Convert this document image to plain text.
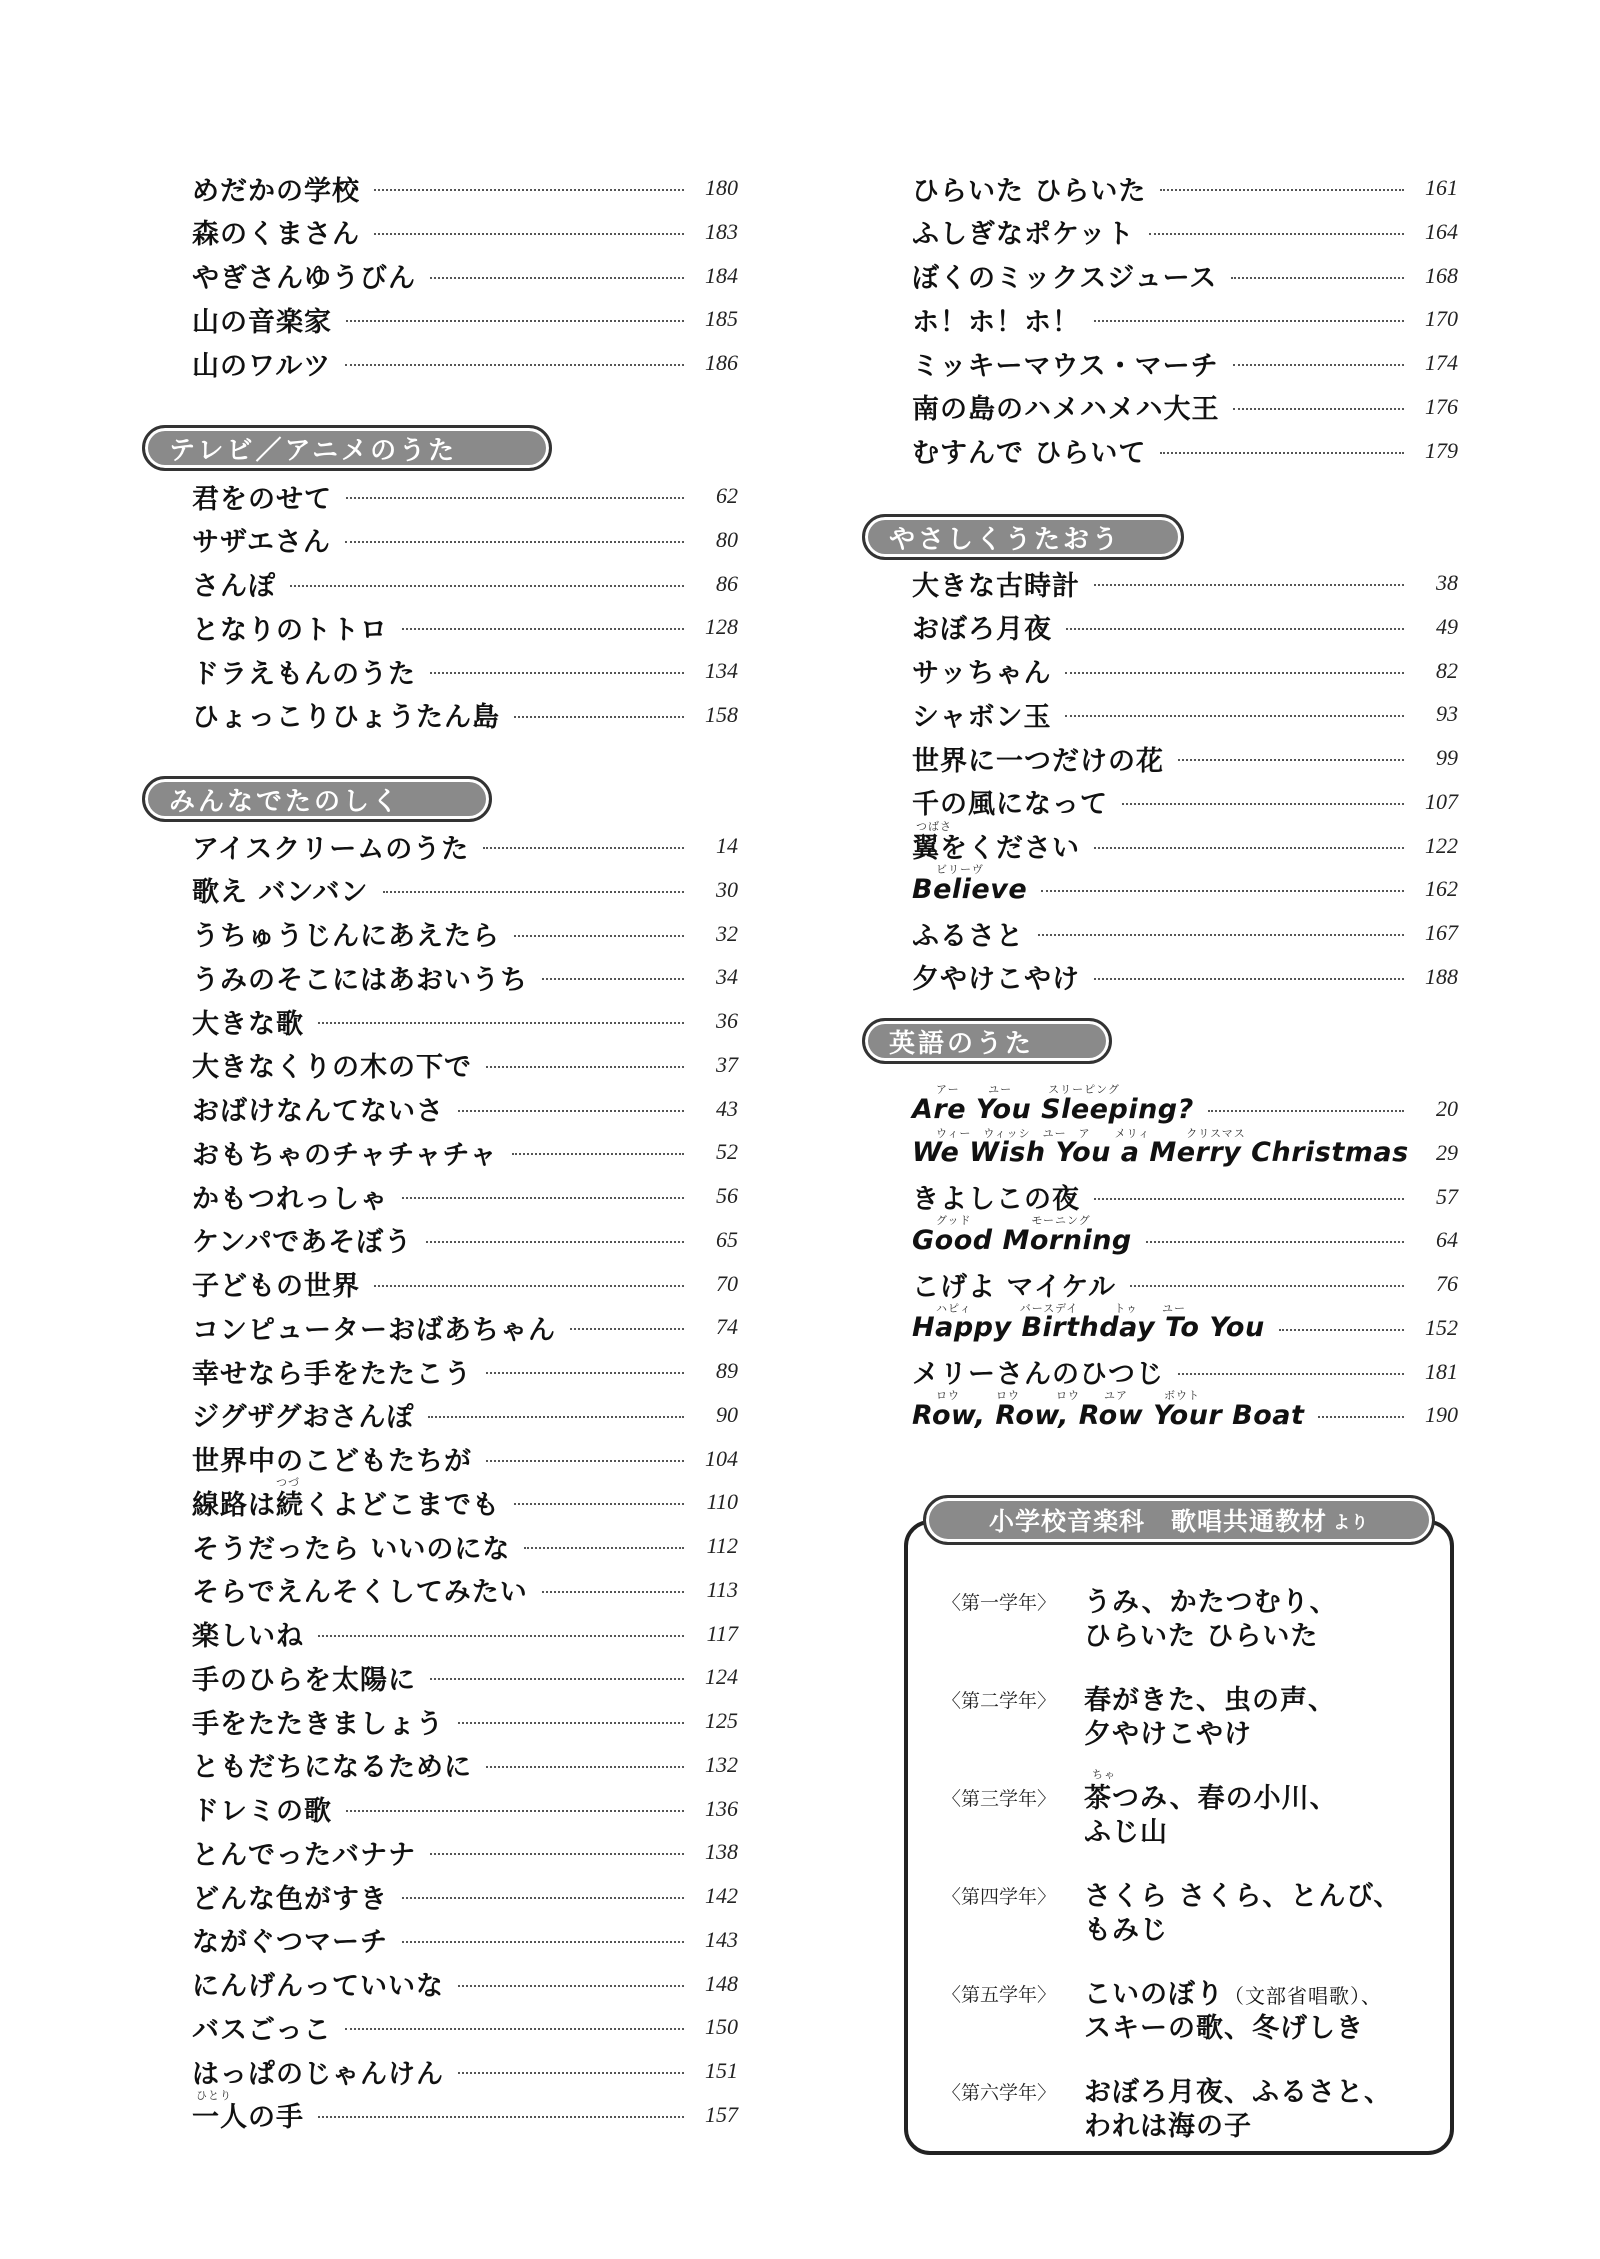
めだかの学校	180
森のくまさん	183
やぎさんゆうびん	184
山の音楽家	185
山のワルツ	186
テレビ／アニメのうた
君をのせて	62
サザエさん	80
さんぽ	86
となりのトトロ	128
ドラえもんのうた	134
ひょっこりひょうたん島	158
みんなでたのしく
アイスクリームのうた	14
歌え バンバン	30
うちゅうじんにあえたら	32
うみのそこにはあおいうち	34
大きな歌	36
大きなくりの木の下で	37
おばけなんてないさ	43
おもちゃのチャチャチャ	52
かもつれっしゃ	56
ケンパであそぼう	65
子どもの世界	70
コンピューターおばあちゃん	74
幸せなら手をたたこう	89
ジグザグおさんぽ	90
世界中のこどもたちが	104
線路は続くよどこまでも	110
つづ
そうだったら いいのにな	112
そらでえんそくしてみたい	113
楽しいね	117
手のひらを太陽に	124
手をたたきましょう	125
ともだちになるために	132
ドレミの歌	136
とんでったバナナ	138
どんな色がすき	142
ながぐつマーチ	143
にんげんっていいな	148
バスごっこ	150
はっぱのじゃんけん	151
一人の手	157
ひとり
ひらいた ひらいた	161
ふしぎなポケット	164
ぼくのミックスジュース	168
ホ！ホ！ホ！	170
ミッキーマウス・マーチ	174
南の島のハメハメハ大王	176
むすんで ひらいて	179
やさしくうたおう
大きな古時計	38
おぼろ月夜	49
サッちゃん	82
シャボン玉	93
世界に一つだけの花	99
千の風になって	107
翼をください	122
つばさ
Believe	162
ビリーヴ
ふるさと	167
夕やけこやけ	188
英語のうた
Are You Sleeping?	20
アー　　 ユー　　　スリーピング
We Wish You a Merry Christmas 29
ウィー　ウィッシ　ユー　ア　　メリィ　　　クリスマス
きよしこの夜	57
Good Morning	64
グッド　　　　　モーニング
こげよ マイケル	76
Happy Birthday To You	152
ハピィ　　　　バースデイ　　　トゥ　　ユー
メリーさんのひつじ	181
Row, Row, Row Your Boat	190
ロウ　　　ロウ　　　ロウ　　ユア　　　ボウト
小学校音楽科　歌唱共通教材 より
〈第一学年〉 うみ、かたつむり、
ひらいた ひらいた
〈第二学年〉 春がきた、虫の声、
夕やけこやけ
〈第三学年〉 茶つみ、春の小川、
ふじ山
ちゃ
〈第四学年〉 さくら さくら、とんび、
もみじ
〈第五学年〉 こいのぼり（文部省唱歌）、
スキーの歌、冬げしき
〈第六学年〉 おぼろ月夜、ふるさと、
われは海の子
